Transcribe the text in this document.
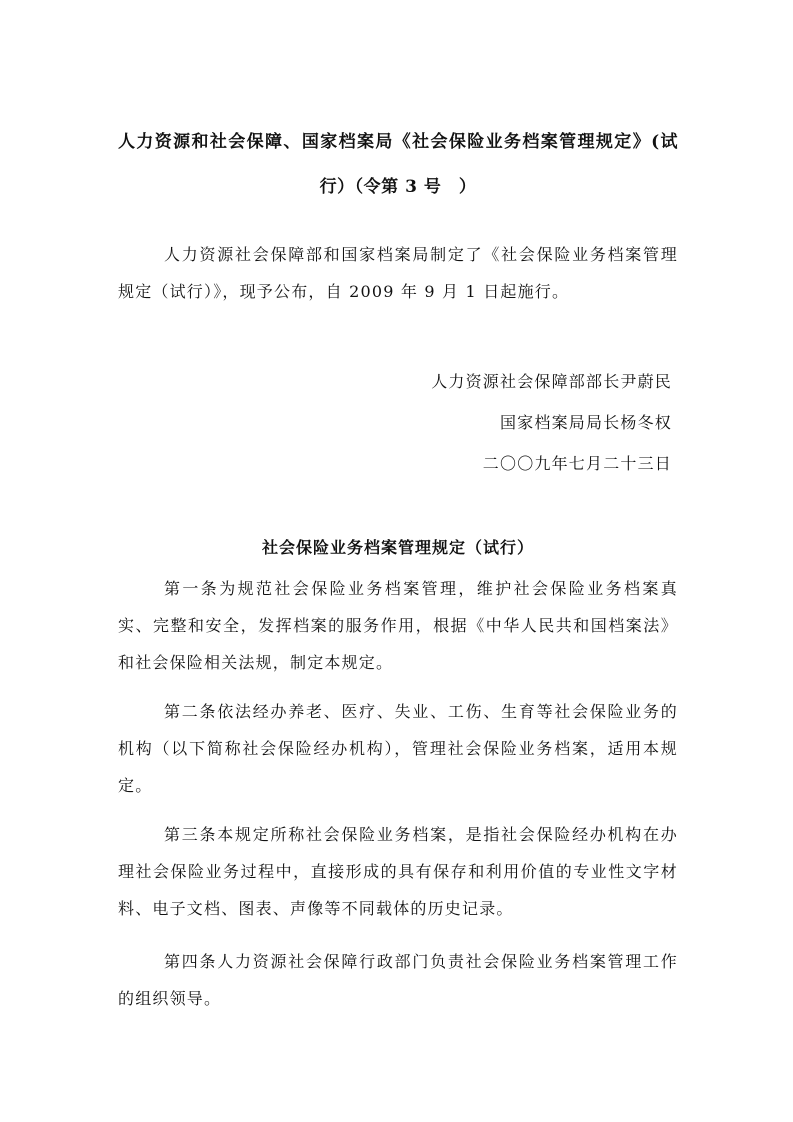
人力资源和社会保障、国家档案局《社会保险业务档案管理规定》(试
行）（令第 3 号　）

人力资源社会保障部和国家档案局制定了《社会保险业务档案管理规定（试行）》，现予公布，自 2009 年 9 月 1 日起施行。

人力资源社会保障部部长尹蔚民
国家档案局局长杨冬权
二〇〇九年七月二十三日
社会保险业务档案管理规定（试行）

第一条为规范社会保险业务档案管理，维护社会保险业务档案真实、完整和安全，发挥档案的服务作用，根据《中华人民共和国档案法》和社会保险相关法规，制定本规定。

第二条依法经办养老、医疗、失业、工伤、生育等社会保险业务的机构（以下简称社会保险经办机构），管理社会保险业务档案，适用本规定。

第三条本规定所称社会保险业务档案，是指社会保险经办机构在办理社会保险业务过程中，直接形成的具有保存和利用价值的专业性文字材料、电子文档、图表、声像等不同载体的历史记录。

第四条人力资源社会保障行政部门负责社会保险业务档案管理工作的组织领导。
